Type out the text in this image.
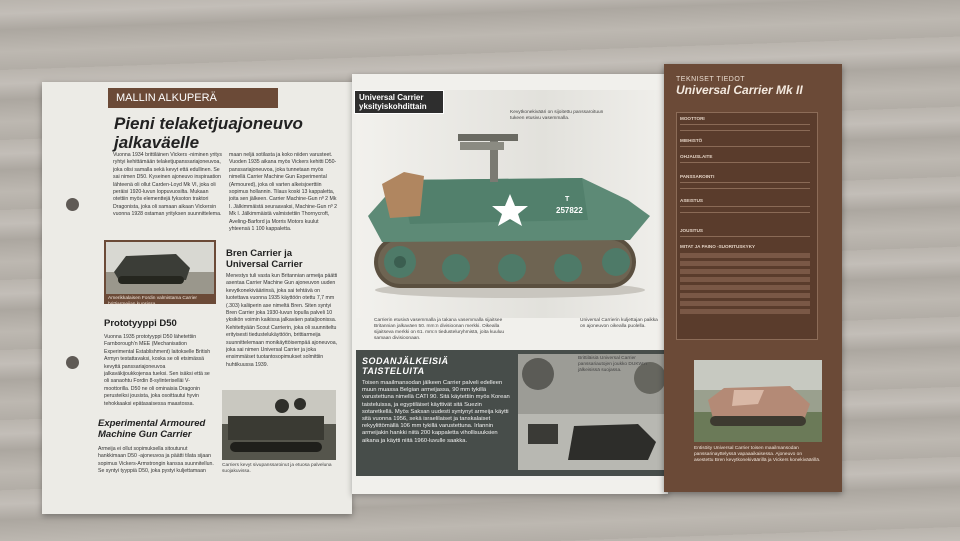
MALLIN ALKUPERÄ
Pieni telaketjuajoneuvo jalkaväelle
Vuonna 1934 brittiläinen Vickers -niminen yritys ryhtyi kehittämään telaketjupanssariajoneuvoa, joka olisi samalla sekä kevyt että edullinen. Se sai nimen D50. Kyseinen ajoneuvo inspiraation lähteenä oli ollut Carden-Loyd Mk VI, joka oli peräisi 1920-luvun loppuvuosilta. Mukaan otettiin myös elementtejä fyksoton traktori Dragonista, joka oli samaan aikaan Vickersin vuonna 1928 ostaman yrityksen suunnittelema.
maan neljä sotilasta ja koko niiden varusteet. Vuoden 1935 aikana myös Vickers kehitti D50-panssariajoneuvoa, joka tunnetaan myös nimellä Carrier Machine Gun Experimental (Armoured), joka oli varten alkeisjoerttiin sopimus hollannin. Tilaus koski 13 kappaletta, joita sen jälkeen. Carrier Machine-Gun nº 2 Mk I. Jälkimmäistä seuraavaksi, Machine-Gun nº 2 Mk I. Jälkimmäistä valmistettiin Thornycroft, Aveling-Barford ja Morris Motors kuulut yhteensä 1 100 kappaletta.
Amerikkalaisen Fordin valmistama Carrier brittiarmeijan kuosissa.
Prototyyppi D50
Vuonna 1935 prototyyppi D50 lähetettiin Farnborough'n MEE (Mechanisation Experimental Establishment) laitokselle British Armyn testattavaksi, koska se oli etsimässä kevyttä panssariajoneuvoa jalkaväkijoukkojensa tueksi. Sen isäksi että se oli sanaohtu Fordin 8-sylinteriselläi V-moottorilla. D50 ne oli ominaisia Dragonin perusteiksi jousista, joka osoittautui hyvin tehokkaaksi epätasaisessa maastossa.
Bren Carrier ja Universal Carrier
Menestys tuli vasta kun Britannian armeija päätti asentaa Carrier Machine Gun ajoneuvon uuden kevytkonekivääriinsä, joka sai tehtävä on luotettava vuonna 1935 käyttöön otettu 7,7 mm (.303) kaliiperin ase nimeltä Bren. Siten syntyi Bren Carrier joka 1930-luvun lopulla palveli 10 yksikön voimin kaikissa jalkaväen pataljoonissa. Kehitettyään Scout Carrierin, joka oli suunniteltu erityisesti tiedustelukäyttöön, brittiarmeija suunnittelemaan monikäyttöisempää ajoneuvoa, joka sai nimen Universal Carrier ja joka ensimmäiset tuotantosopimukset solmittiin huhtikuussa 1939.
Experimental Armoured Machine Gun Carrier
Armeija ei ollut sopimuksella sitoutunut hankkimaan D50 -ajoneuvoa ja päätti tilata sijaan sopimus Vickers-Armstrongin kanssa suunnitellun. Se syntyi tyyppiä D50, joka pystyi kuljettamaan
Carriers kevyt sivupanssaroinut ja etuosa palveluna suojakuvissa.
Universal Carrier yksityiskohdittain
Kevytkonekivääri on sijoitettu panssaroituun tukeen etusivu vasemmalla.
T
257822
Carrierin etusivä vasemmalla ja takana vasemmalla sijaitsee Britannian jalkaväen 50. mm:n divisioonan merkki. Oikealla sijaitseva merkki on 61. mm:n tiedusteluryhmistä, joita kuuluu samaan divisioonaan.
Universal Carrierin kuljettajan paikka on ajoneuvon oikealla puolella.
SODANJÄLKEISIÄ TAISTELUITA
Toisen maailmansodan jälkeen Carrier palveli edelleen muun muassa Belgian armeijassa, 90 mm tykillä varustettuna nimellä CATI 90. Sitä käytettiin myös Korean taisteluissa, ja egyptiläiset käyttivät sitä Suezin sotaretkellä. Myös Saksan uudesti syntynyt armeija käytti sitä vuonna 1956, sekä israelilaiset ja tanskalaiset rekyylittömällä 106 mm tykillä varustettuna. Irlannin armeijakin hankki niitä 200 kappaletta vihollisuuksien aikana ja käytti niitä 1960-luvulle saakka.
Brittiläisiä Universal Carrier panssariautojen joukko DUKW:n jälkeisissä suojassa.
TEKNISET TIEDOT
Universal Carrier Mk II
MOOTTORI
MIEHISTÖ
OHJAUSLAITE
PANSSAROINTI
ASEISTUS
JOUSITUS
MITAT JA PAINO -SUORITUSKYKY
Entisöity Universal Carrier toisen maailmansodan panssarinayttelyssä vapaaaikaisessa. Ajoneuvo on asestettu Bren kevytkonekiväärillä ja Vickers konekiväärillä.
